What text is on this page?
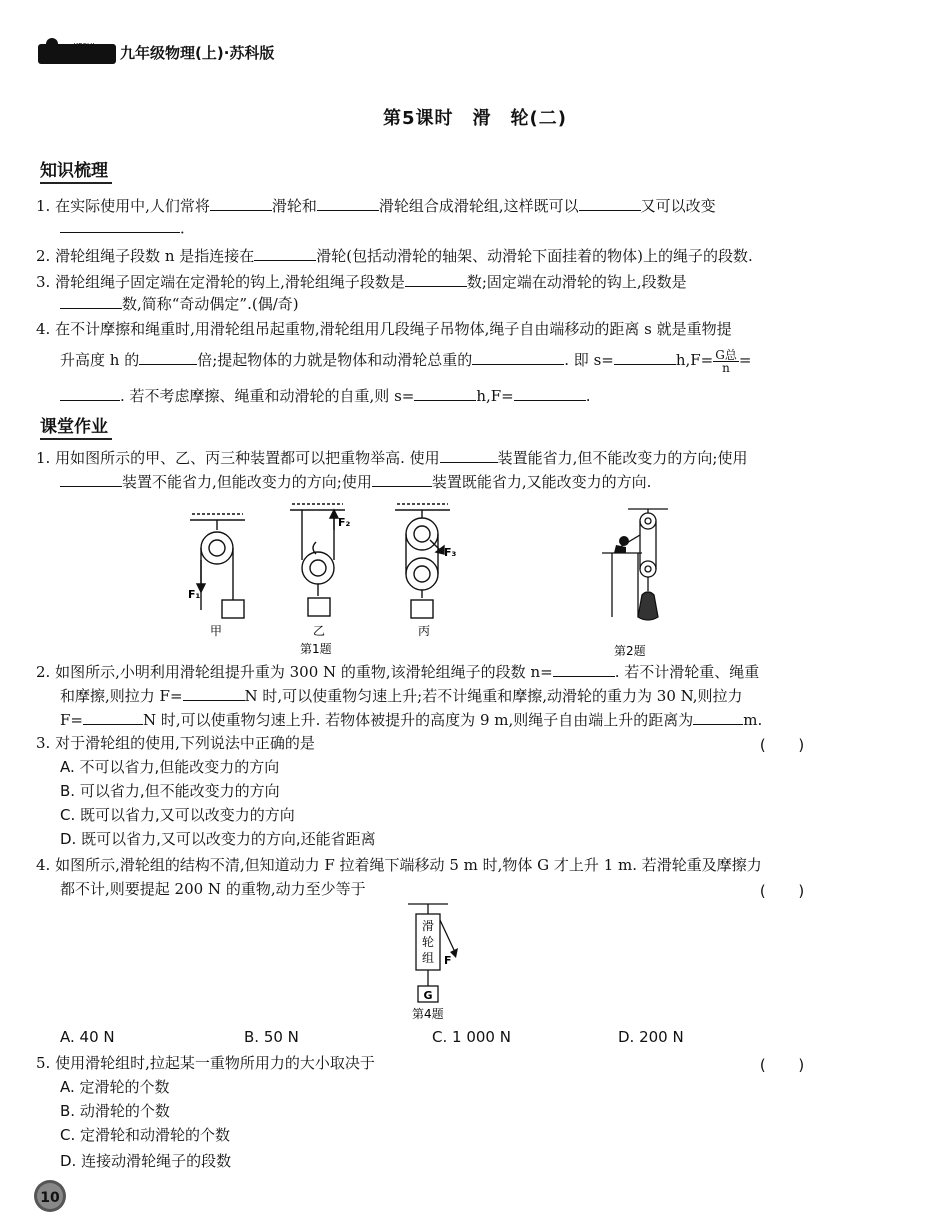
KESHI 九年级物理(上)·苏科版
第5课时　滑　轮(二)
知识梳理
1. 在实际使用中,人们常将	滑轮和	滑轮组合成滑轮组,这样既可以	又可以改变
．
2. 滑轮组绳子段数 n 是指连接在	滑轮(包括动滑轮的轴架、动滑轮下面挂着的物体)上的绳子的段数.
3. 滑轮组绳子固定端在定滑轮的钩上,滑轮组绳子段数是	数;固定端在动滑轮的钩上,段数是
数,简称“奇动偶定”.(偶/奇)
4. 在不计摩擦和绳重时,用滑轮组吊起重物,滑轮组用几段绳子吊物体,绳子自由端移动的距离 s 就是重物提
升高度 h 的	倍;提起物体的力就是物体和动滑轮总重的	. 即 s=	$h,F= \frac{\text{G总}}{n}$ =
. 若不考虑摩擦、绳重和动滑轮的自重,则 s=	h,F=	.
课堂作业
1. 用如图所示的甲、乙、丙三种装置都可以把重物举高. 使用	装置能省力,但不能改变力的方向;使用
装置不能省力,但能改变力的方向;使用	装置既能省力,又能改变力的方向.
F₁
F₂
F₃
甲	乙	丙
第1题	第2题
2. 如图所示,小明利用滑轮组提升重为 300 N 的重物,该滑轮组绳子的段数 n=	. 若不计滑轮重、绳重
和摩擦,则拉力 F=	N 时,可以使重物匀速上升;若不计绳重和摩擦,动滑轮的重力为 30 N,则拉力
F=	N 时,可以使重物匀速上升. 若物体被提升的高度为 9 m,则绳子自由端上升的距离为	m.
3. 对于滑轮组的使用,下列说法中正确的是	(　　)
A. 不可以省力,但能改变力的方向
B. 可以省力,但不能改变力的方向
C. 既可以省力,又可以改变力的方向
D. 既可以省力,又可以改变力的方向,还能省距离
4. 如图所示,滑轮组的结构不清,但知道动力 F 拉着绳下端移动 5 m 时,物体 G 才上升 1 m. 若滑轮重及摩擦力
都不计,则要提起 200 N 的重物,动力至少等于	(　　)
滑
轮
组 F
G
第4题
A. 40 N	B. 50 N	C. 1 000 N	D. 200 N
5. 使用滑轮组时,拉起某一重物所用力的大小取决于	(　　)
A. 定滑轮的个数
B. 动滑轮的个数
C. 定滑轮和动滑轮的个数
D. 连接动滑轮绳子的段数
10
